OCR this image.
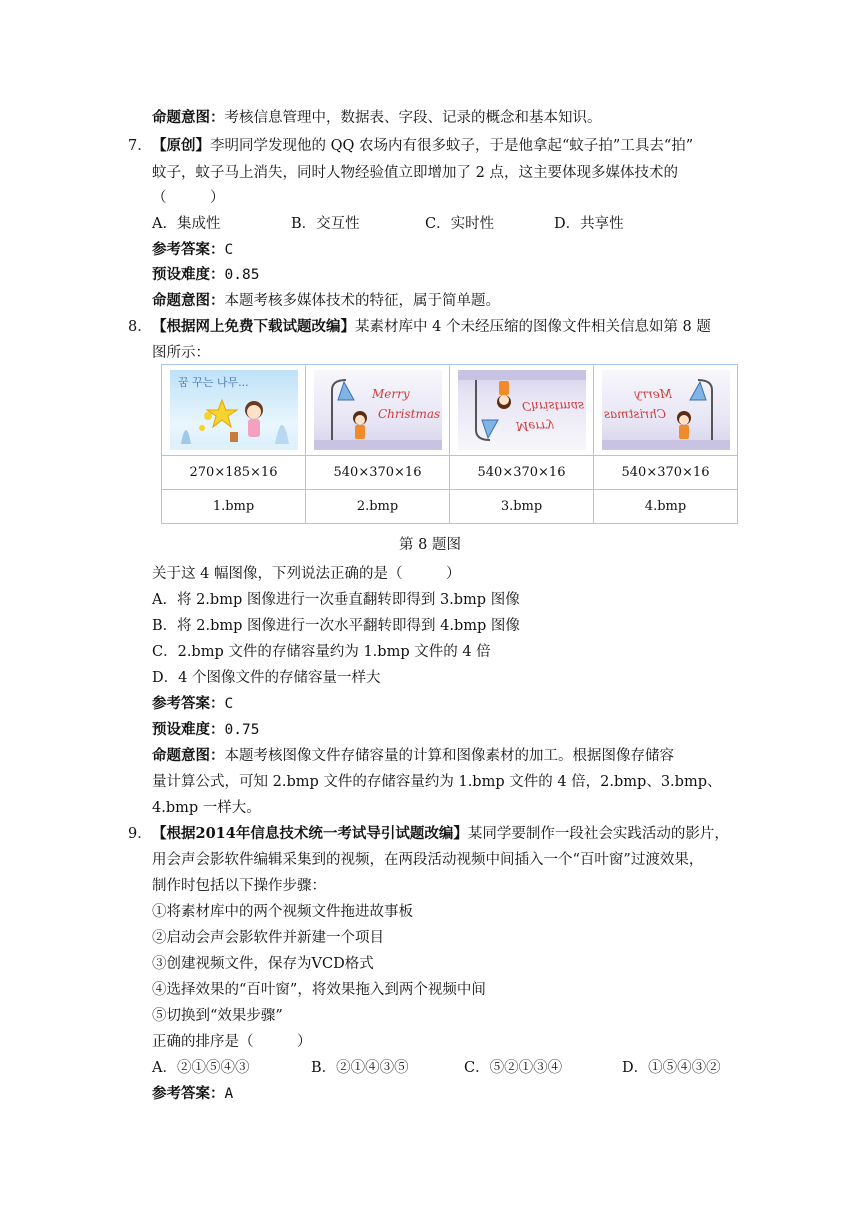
命题意图：考核信息管理中，数据表、字段、记录的概念和基本知识。
7． 【原创】李明同学发现他的 QQ 农场内有很多蚊子，于是他拿起“蚊子拍”工具去“拍”
蚊子，蚊子马上消失，同时人物经验值立即增加了 2 点，这主要体现多媒体技术的
（　　　）
A．集成性	B．交互性	C．实时性	D．共享性
参考答案：C
预设难度：0.85
命题意图：本题考核多媒体技术的特征，属于简单题。
8． 【根据网上免费下载试题改编】某素材库中 4 个未经压缩的图像文件相关信息如第 8 题
图所示：
꿈 꾸는 나무...	Merry
Christmas	Merry
Christmas	Merry
Christmas

270×185×16	540×370×16	540×370×16	540×370×16
1.bmp	2.bmp	3.bmp	4.bmp
第 8 题图
关于这 4 幅图像，下列说法正确的是（　　　）
A．将 2.bmp 图像进行一次垂直翻转即得到 3.bmp 图像
B．将 2.bmp 图像进行一次水平翻转即得到 4.bmp 图像
C．2.bmp 文件的存储容量约为 1.bmp 文件的 4 倍
D．4 个图像文件的存储容量一样大
参考答案：C
预设难度：0.75
命题意图：本题考核图像文件存储容量的计算和图像素材的加工。根据图像存储容
量计算公式，可知 2.bmp 文件的存储容量约为 1.bmp 文件的 4 倍，2.bmp、3.bmp、
4.bmp 一样大。
9． 【根据2014年信息技术统一考试导引试题改编】某同学要制作一段社会实践活动的影片，
用会声会影软件编辑采集到的视频，在两段活动视频中间插入一个“百叶窗”过渡效果，
制作时包括以下操作步骤：
①将素材库中的两个视频文件拖进故事板
②启动会声会影软件并新建一个项目
③创建视频文件，保存为VCD格式
④选择效果的“百叶窗”，将效果拖入到两个视频中间
⑤切换到“效果步骤”
正确的排序是（　　　）
A．②①⑤④③	B．②①④③⑤	C．⑤②①③④	D．①⑤④③②
参考答案：A
